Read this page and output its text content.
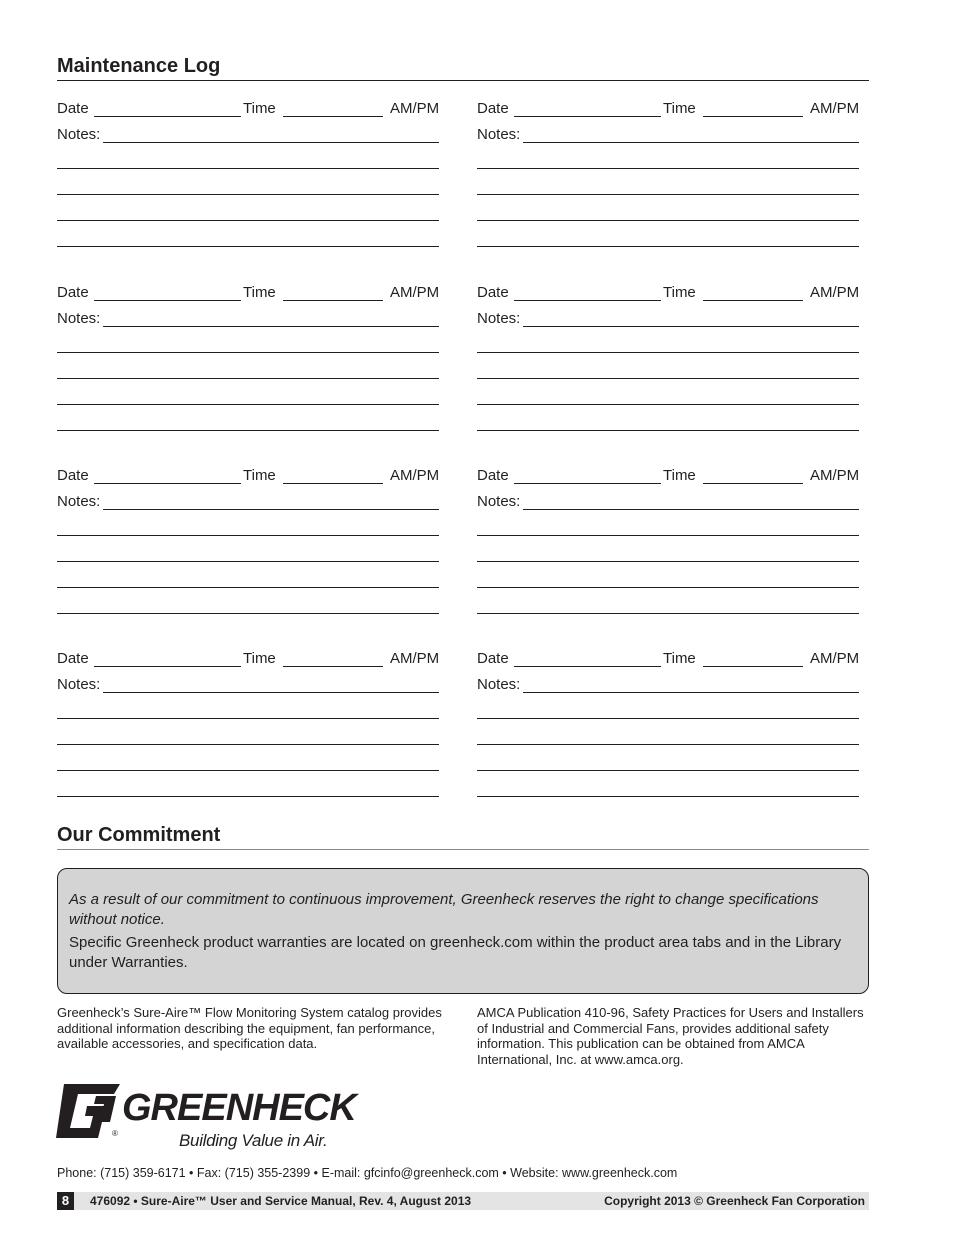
Maintenance Log
Date	Time	AM/PM
Notes:
Date	Time	AM/PM
Notes:
Date	Time	AM/PM
Notes:
Date	Time	AM/PM
Notes:
Date	Time	AM/PM
Notes:
Date	Time	AM/PM
Notes:
Date	Time	AM/PM
Notes:
Date	Time	AM/PM
Notes:
Our Commitment

As a result of our commitment to continuous improvement, Greenheck reserves the right to change specifications without notice.

Specific Greenheck product warranties are located on greenheck.com within the product area tabs and in the Library under Warranties.

Greenheck’s Sure-Aire™ Flow Monitoring System catalog provides additional information describing the equipment, fan performance, available accessories, and specification data.
AMCA Publication 410-96, Safety Practices for Users and Installers of Industrial and Commercial Fans, provides additional safety information. This publication can be obtained from AMCA International, Inc. at www.amca.org.
GREENHECK
®	Building Value in Air.
Phone: (715) 359-6171 • Fax: (715) 355-2399 • E-mail: gfcinfo@greenheck.com • Website: www.greenheck.com
8	476092 • Sure-Aire™ User and Service Manual, Rev. 4, August 2013	Copyright 2013 © Greenheck Fan Corporation
